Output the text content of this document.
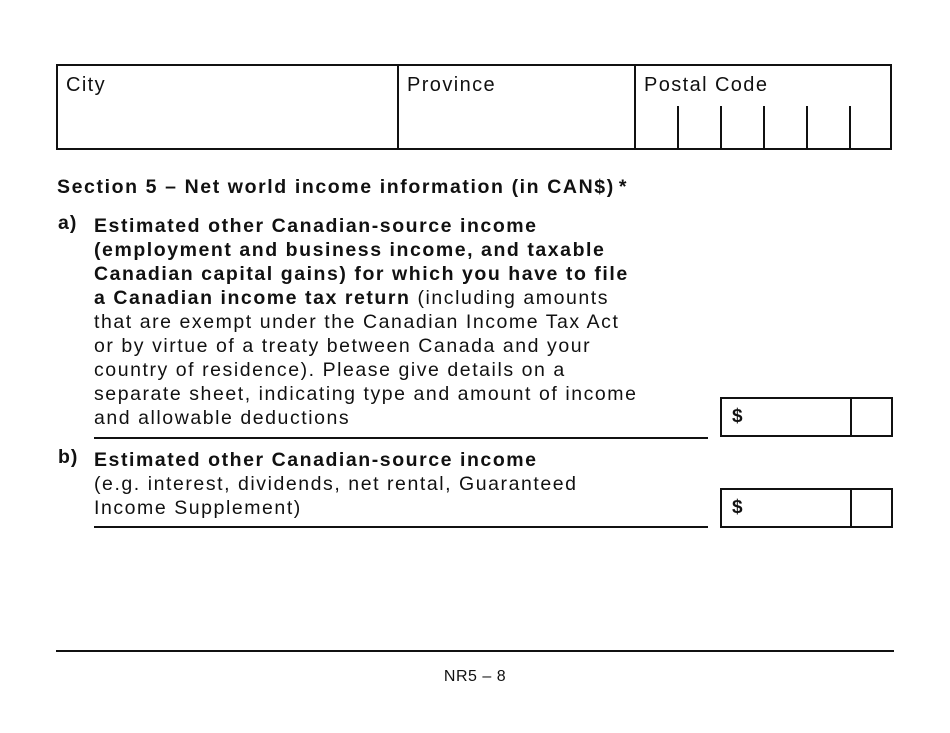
City	Province	Postal Code
Section 5 – Net world income information (in CAN$) *
a) Estimated other Canadian-source income
(employment and business income, and taxable
Canadian capital gains) for which you have to file
a Canadian income tax return (including amounts
that are exempt under the Canadian Income Tax Act
or by virtue of a treaty between Canada and your
country of residence). Please give details on a
separate sheet, indicating type and amount of income
and allowable deductions	$
b) Estimated other Canadian-source income
(e.g. interest, dividends, net rental, Guaranteed
Income Supplement)	$
NR5 – 8
